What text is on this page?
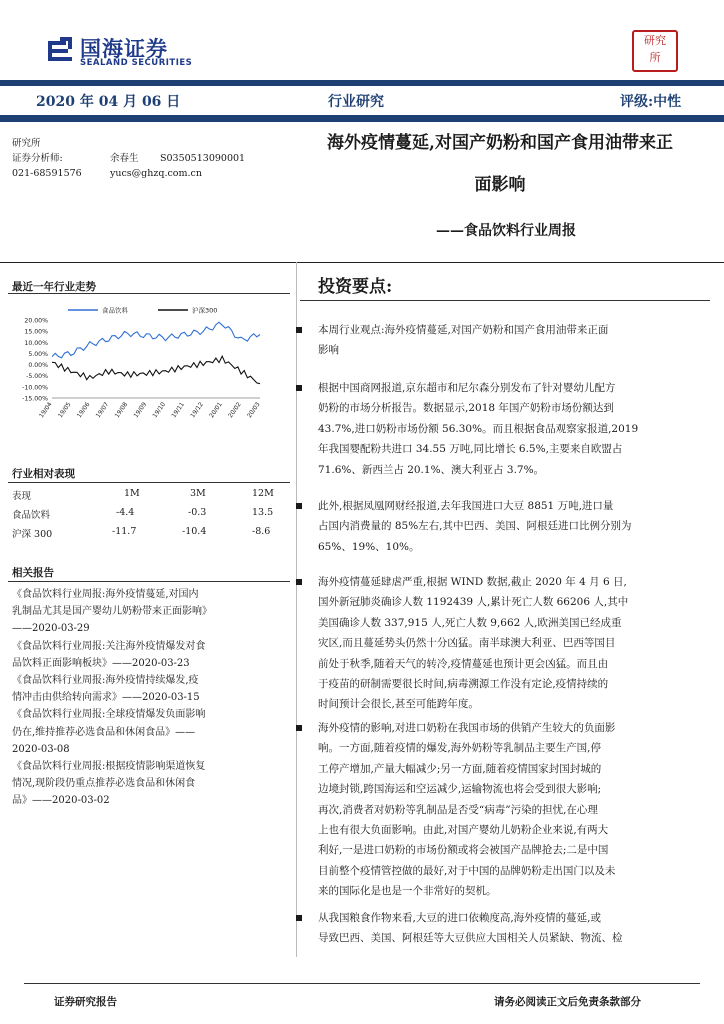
国海证券
SEALAND SECURITIES
研究
所
2020 年 04 月 06 日	行业研究	评级:中性
研究所
证券分析师:
021-68591576
余春生 S0350513090001
yucs@ghzq.com.cn
海外疫情蔓延,对国产奶粉和国产食用油带来正
面影响
——食品饮料行业周报
最近一年行业走势
20.00%
15.00%
10.00%
5.00%
0.00%
-5.00%
-10.00%
-15.00%
19/04 19/05 19/06 19/07 19/08 19/09 19/10 19/11 19/12 20/01 20/02 20/03
食品饮料	沪深300
行业相对表现
表现	1M	3M	12M
食品饮料	-4.4	-0.3	13.5
沪深 300	-11.7	-10.4	-8.6
相关报告
《食品饮料行业周报:海外疫情蔓延,对国内
乳制品尤其是国产婴幼儿奶粉带来正面影响》
——2020-03-29
《食品饮料行业周报:关注海外疫情爆发对食
品饮料正面影响板块》——2020-03-23
《食品饮料行业周报:海外疫情持续爆发,疫
情冲击由供给转向需求》——2020-03-15
《食品饮料行业周报:全球疫情爆发负面影响
仍在,维持推荐必选食品和休闲食品》——
2020-03-08
《食品饮料行业周报:根据疫情影响渠道恢复
情况,现阶段仍重点推荐必选食品和休闲食
品》——2020-03-02
投资要点:
本周行业观点:海外疫情蔓延,对国产奶粉和国产食用油带来正面
影响
根据中国商网报道,京东超市和尼尔森分别发布了针对婴幼儿配方
奶粉的市场分析报告。数据显示,2018 年国产奶粉市场份额达到
43.7%,进口奶粉市场份额 56.30%。而且根据食品观察家报道,2019
年我国婴配粉共进口 34.55 万吨,同比增长 6.5%,主要来自欧盟占
71.6%、新西兰占 20.1%、澳大利亚占 3.7%。
此外,根据凤凰网财经报道,去年我国进口大豆 8851 万吨,进口量
占国内消费量的 85%左右,其中巴西、美国、阿根廷进口比例分别为
65%、19%、10%。
海外疫情蔓延肆虐严重,根据 WIND 数据,截止 2020 年 4 月 6 日,
国外新冠肺炎确诊人数 1192439 人,累计死亡人数 66206 人,其中
美国确诊人数 337,915 人,死亡人数 9,662 人,欧洲美国已经成重
灾区,而且蔓延势头仍然十分凶猛。南半球澳大利亚、巴西等国目
前处于秋季,随着天气的转冷,疫情蔓延也预计更会凶猛。而且由
于疫苗的研制需要很长时间,病毒溯源工作没有定论,疫情持续的
时间预计会很长,甚至可能跨年度。
海外疫情的影响,对进口奶粉在我国市场的供销产生较大的负面影
响。一方面,随着疫情的爆发,海外奶粉等乳制品主要生产国,停
工停产增加,产量大幅减少;另一方面,随着疫情国家封国封城的
边境封锁,跨国海运和空运减少,运输物流也将会受到很大影响;
再次,消费者对奶粉等乳制品是否受“病毒”污染的担忧,在心理
上也有很大负面影响。由此,对国产婴幼儿奶粉企业来说,有两大
利好,一是进口奶粉的市场份额或将会被国产品牌抢去;二是中国
目前整个疫情管控做的最好,对于中国的品牌奶粉走出国门以及未
来的国际化是也是一个非常好的契机。
从我国粮食作物来看,大豆的进口依赖度高,海外疫情的蔓延,或
导致巴西、美国、阿根廷等大豆供应大国相关人员紧缺、物流、检
证券研究报告	请务必阅读正文后免责条款部分
